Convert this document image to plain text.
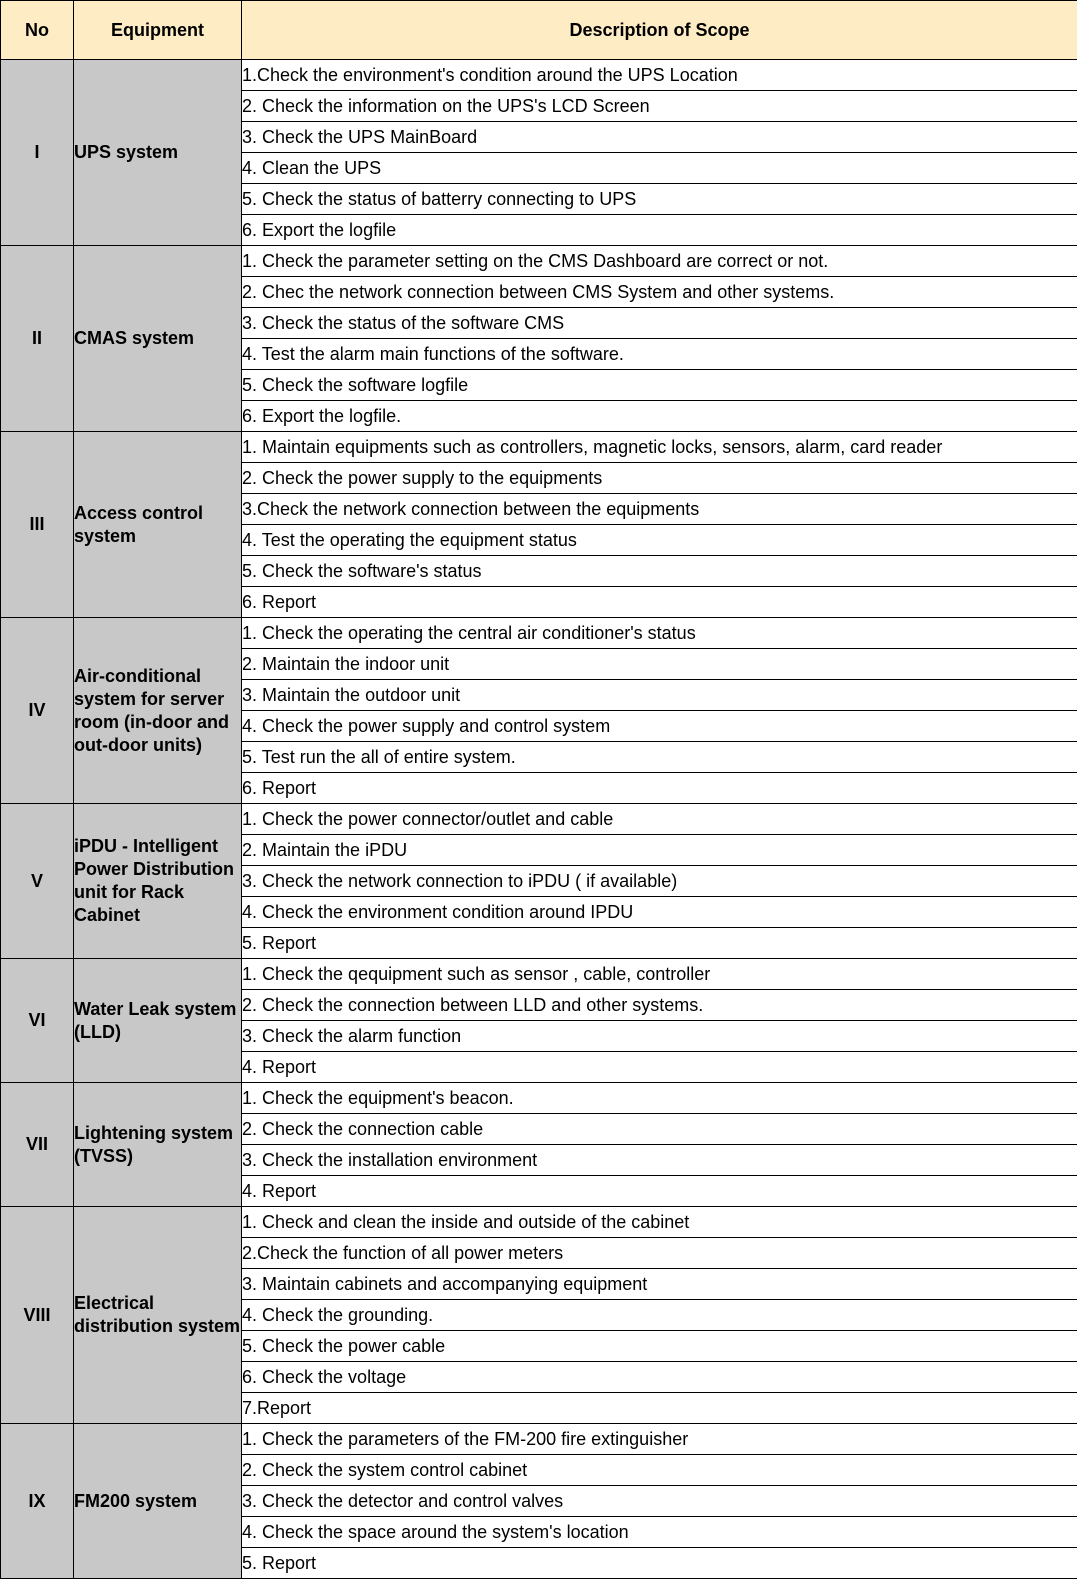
No	Equipment	Description of Scope
I	UPS system	1.Check the environment's condition around the UPS Location
		2. Check the information on the UPS's LCD Screen
		3. Check the UPS MainBoard
		4. Clean the UPS
		5. Check the status of batterry connecting to UPS
		6. Export the logfile
II	CMAS system	1. Check the parameter setting on the CMS Dashboard are correct or not.
		2. Chec the network connection between CMS System and other systems.
		3. Check the status of the software CMS
		4. Test the alarm main functions of the software.
		5. Check the software logfile
		6. Export the logfile.
III	Access control system	1. Maintain equipments such as controllers, magnetic locks, sensors, alarm, card reader
		2. Check the power supply to the equipments
		3.Check the network connection between the equipments
		4. Test the operating the equipment status
		5. Check the software's status
		6. Report
IV	Air-conditional system for server room (in-door and out-door units)	1. Check the operating the central air conditioner's status
		2. Maintain the indoor unit
		3. Maintain the outdoor unit
		4. Check the power supply and control system
		5. Test run the all of entire system.
		6. Report
V	iPDU - Intelligent Power Distribution unit for Rack Cabinet	1. Check the power connector/outlet and cable
		2. Maintain the iPDU
		3. Check the network connection to iPDU ( if available)
		4. Check the environment condition around IPDU
		5. Report
VI	Water Leak system (LLD)	1. Check the qequipment such as sensor , cable, controller
		2. Check the connection between LLD and other systems.
		3. Check the alarm function
		4. Report
VII	Lightening system (TVSS)	1. Check the equipment's beacon.
		2. Check the connection cable
		3. Check the installation environment
		4. Report
VIII	Electrical distribution system	1. Check and clean the inside and outside of the cabinet
		2.Check the function of all power meters
		3. Maintain cabinets and accompanying equipment
		4. Check the grounding.
		5. Check the power cable
		6. Check the voltage
		7.Report
IX	FM200 system	1. Check the parameters of the FM-200 fire extinguisher
		2. Check the system control cabinet
		3. Check the detector and control valves
		4. Check the space around the system's location
		5. Report
